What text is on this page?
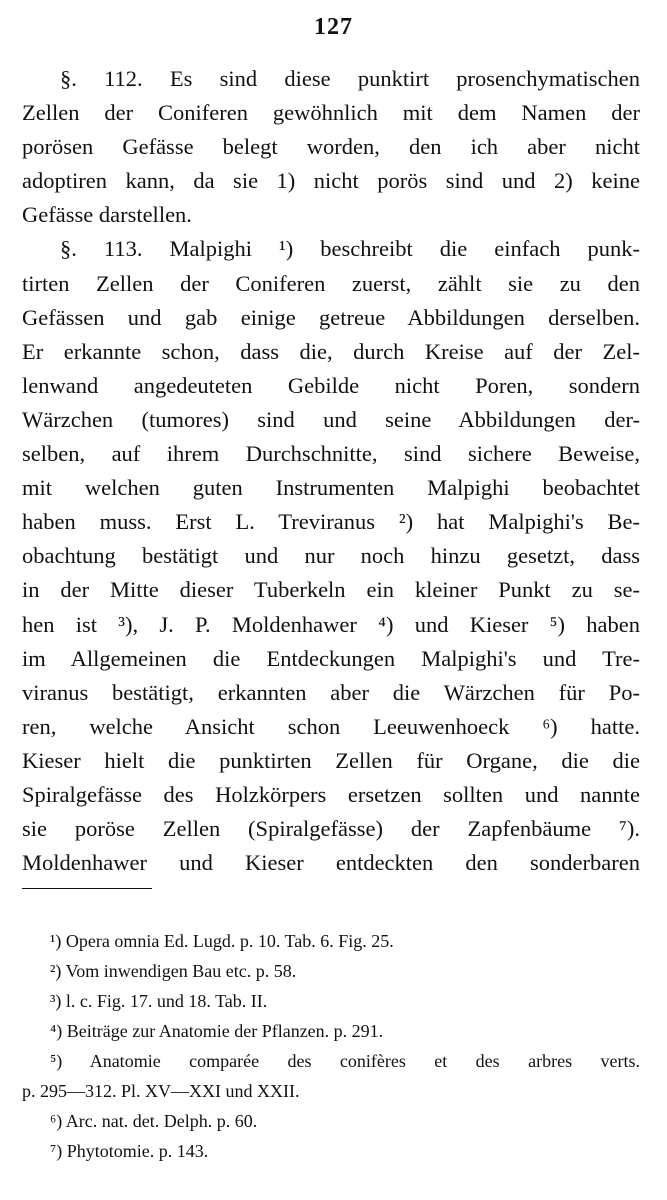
127
§. 112. Es sind diese punktirt prosenchymatischen
Zellen der Coniferen gewöhnlich mit dem Namen der
porösen Gefässe belegt worden, den ich aber nicht
adoptiren kann, da sie 1) nicht porös sind und 2) keine
Gefässe darstellen.
§. 113. Malpighi ¹) beschreibt die einfach punk-
tirten Zellen der Coniferen zuerst, zählt sie zu den
Gefässen und gab einige getreue Abbildungen derselben.
Er erkannte schon, dass die, durch Kreise auf der Zel-
lenwand angedeuteten Gebilde nicht Poren, sondern
Wärzchen (tumores) sind und seine Abbildungen der-
selben, auf ihrem Durchschnitte, sind sichere Beweise,
mit welchen guten Instrumenten Malpighi beobachtet
haben muss. Erst L. Treviranus ²) hat Malpighi's Be-
obachtung bestätigt und nur noch hinzu gesetzt, dass
in der Mitte dieser Tuberkeln ein kleiner Punkt zu se-
hen ist ³), J. P. Moldenhawer ⁴) und Kieser ⁵) haben
im Allgemeinen die Entdeckungen Malpighi's und Tre-
viranus bestätigt, erkannten aber die Wärzchen für Po-
ren, welche Ansicht schon Leeuwenhoeck ⁶) hatte.
Kieser hielt die punktirten Zellen für Organe, die die
Spiralgefässe des Holzkörpers ersetzen sollten und nannte
sie poröse Zellen (Spiralgefässe) der Zapfenbäume ⁷).
Moldenhawer und Kieser entdeckten den sonderbaren
¹) Opera omnia Ed. Lugd. p. 10. Tab. 6. Fig. 25.
²) Vom inwendigen Bau etc. p. 58.
³) l. c. Fig. 17. und 18. Tab. II.
⁴) Beiträge zur Anatomie der Pflanzen. p. 291.
⁵) Anatomie comparée des conifères et des arbres verts.
p. 295—312. Pl. XV—XXI und XXII.
⁶) Arc. nat. det. Delph. p. 60.
⁷) Phytotomie. p. 143.
